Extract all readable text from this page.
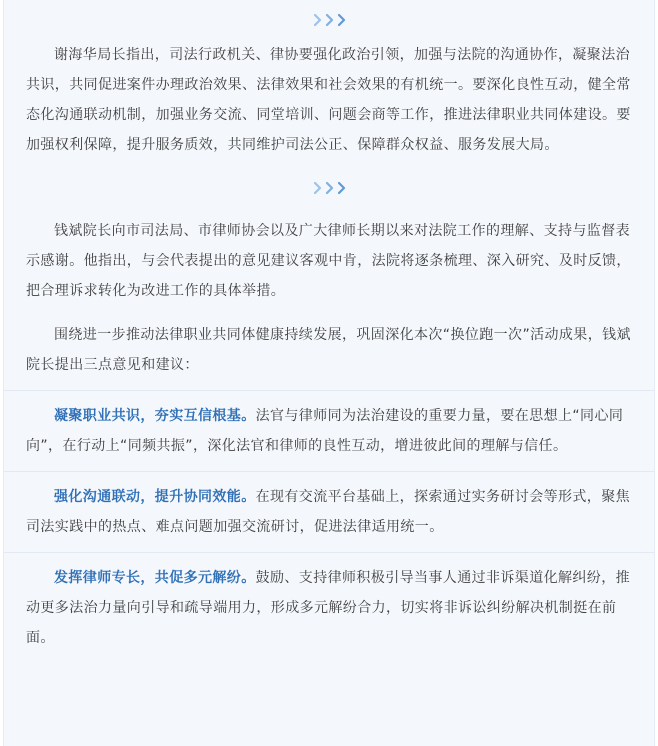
谢海华局长指出，司法行政机关、律协要强化政治引领，加强与法院的沟通协作，凝聚法治共识，共同促进案件办理政治效果、法律效果和社会效果的有机统一。要深化良性互动，健全常态化沟通联动机制，加强业务交流、同堂培训、问题会商等工作，推进法律职业共同体建设。要加强权利保障，提升服务质效，共同维护司法公正、保障群众权益、服务发展大局。

钱斌院长向市司法局、市律师协会以及广大律师长期以来对法院工作的理解、支持与监督表示感谢。他指出，与会代表提出的意见建议客观中肯，法院将逐条梳理、深入研究、及时反馈，把合理诉求转化为改进工作的具体举措。

围绕进一步推动法律职业共同体健康持续发展，巩固深化本次“换位跑一次”活动成果，钱斌院长提出三点意见和建议：

凝聚职业共识，夯实互信根基。法官与律师同为法治建设的重要力量，要在思想上“同心同向”，在行动上“同频共振”，深化法官和律师的良性互动，增进彼此间的理解与信任。

强化沟通联动，提升协同效能。在现有交流平台基础上，探索通过实务研讨会等形式，聚焦司法实践中的热点、难点问题加强交流研讨，促进法律适用统一。

发挥律师专长，共促多元解纷。鼓励、支持律师积极引导当事人通过非诉渠道化解纠纷，推动更多法治力量向引导和疏导端用力，形成多元解纷合力，切实将非诉讼纠纷解决机制挺在前面。
